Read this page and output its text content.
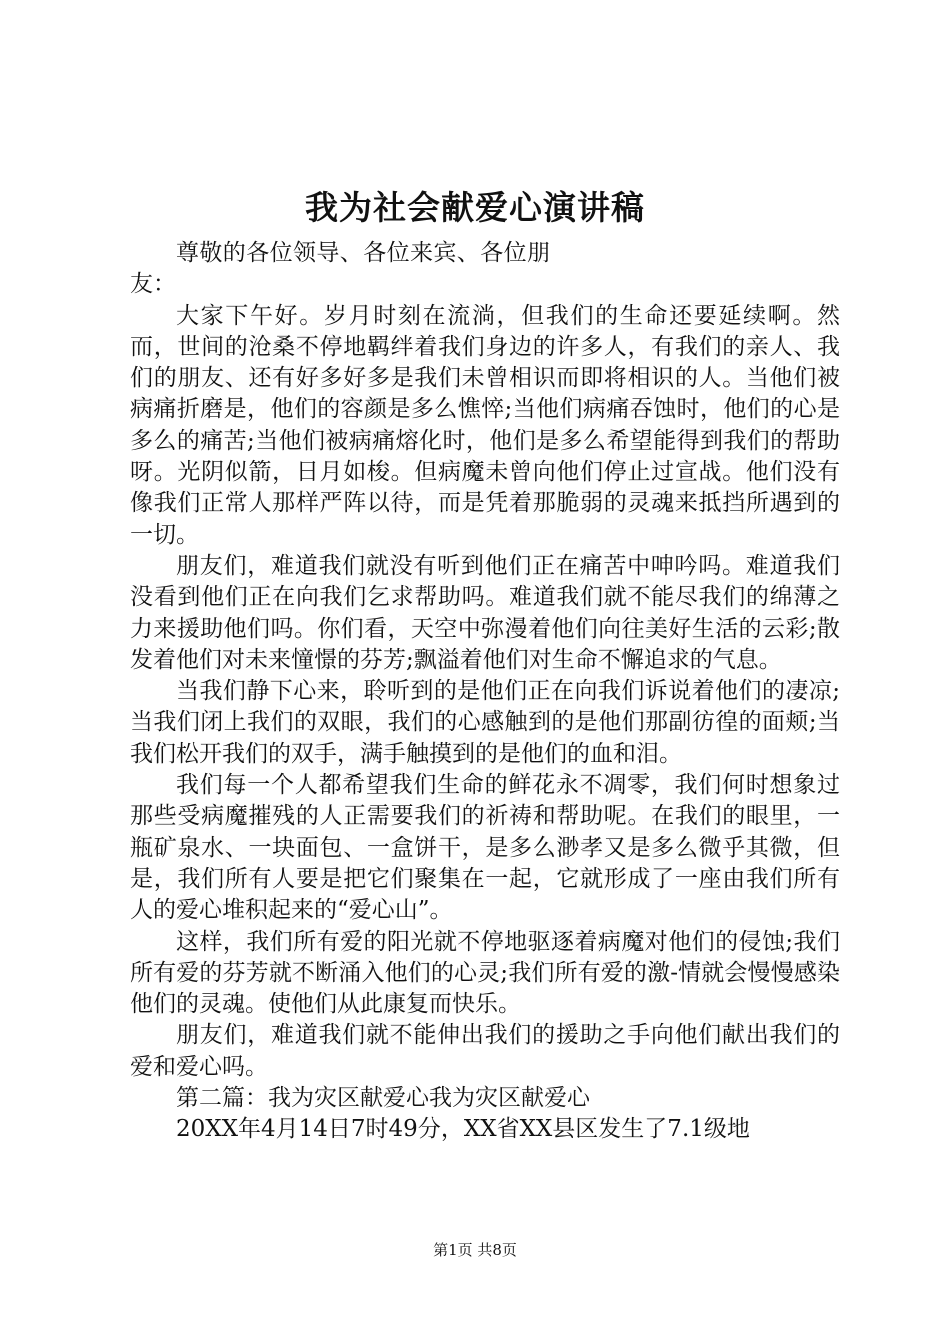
我为社会献爱心演讲稿

尊敬的各位领导、各位来宾、各位朋友：

大家下午好。岁月时刻在流淌，但我们的生命还要延续啊。然而，世间的沧桑不停地羁绊着我们身边的许多人，有我们的亲人、我们的朋友、还有好多好多是我们未曾相识而即将相识的人。当他们被病痛折磨是，他们的容颜是多么憔悴;当他们病痛吞蚀时，他们的心是多么的痛苦;当他们被病痛熔化时，他们是多么希望能得到我们的帮助呀。光阴似箭，日月如梭。但病魔未曾向他们停止过宣战。他们没有像我们正常人那样严阵以待，而是凭着那脆弱的灵魂来抵挡所遇到的一切。

朋友们，难道我们就没有听到他们正在痛苦中呻吟吗。难道我们没看到他们正在向我们乞求帮助吗。难道我们就不能尽我们的绵薄之力来援助他们吗。你们看，天空中弥漫着他们向往美好生活的云彩;散发着他们对未来憧憬的芬芳;飘溢着他们对生命不懈追求的气息。

当我们静下心来，聆听到的是他们正在向我们诉说着他们的凄凉;当我们闭上我们的双眼，我们的心感触到的是他们那副彷徨的面颊;当我们松开我们的双手，满手触摸到的是他们的血和泪。

我们每一个人都希望我们生命的鲜花永不凋零，我们何时想象过那些受病魔摧残的人正需要我们的祈祷和帮助呢。在我们的眼里，一瓶矿泉水、一块面包、一盒饼干，是多么渺孝又是多么微乎其微，但是，我们所有人要是把它们聚集在一起，它就形成了一座由我们所有人的爱心堆积起来的“爱心山”。

这样，我们所有爱的阳光就不停地驱逐着病魔对他们的侵蚀;我们所有爱的芬芳就不断涌入他们的心灵;我们所有爱的激-情就会慢慢感染他们的灵魂。使他们从此康复而快乐。

朋友们，难道我们就不能伸出我们的援助之手向他们献出我们的爱和爱心吗。

第二篇：我为灾区献爱心我为灾区献爱心

20XX年4月14日7时49分，XX省XX县区发生了7.1级地

第1页 共8页
